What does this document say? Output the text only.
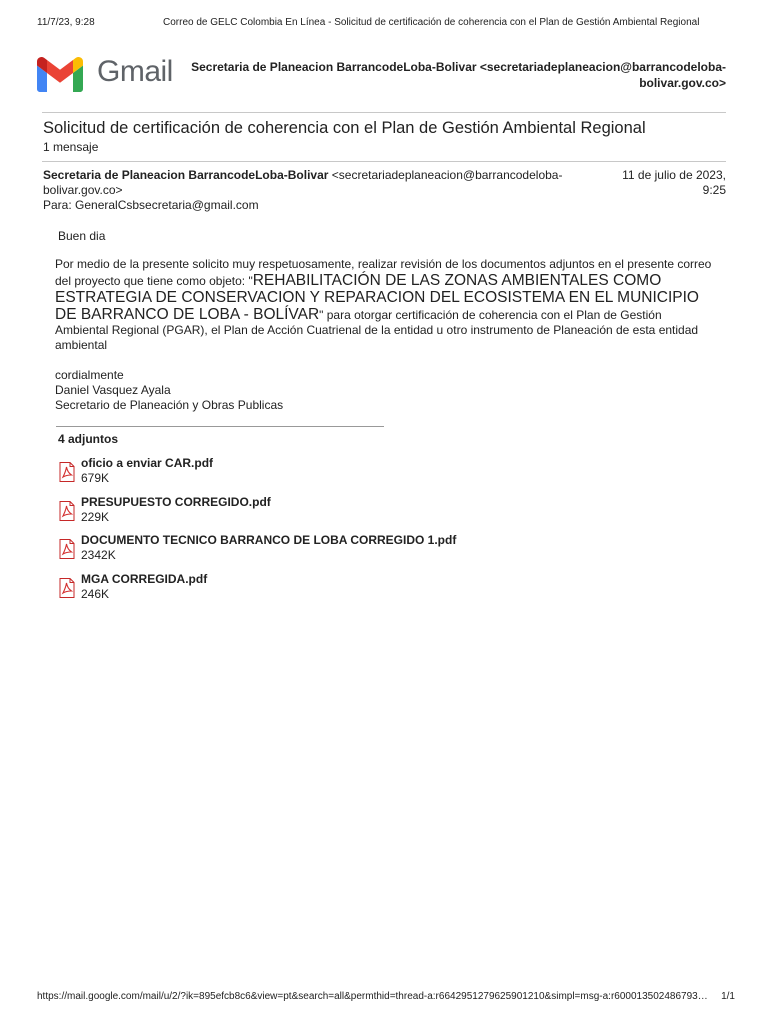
11/7/23, 9:28	Correo de GELC Colombia En Línea - Solicitud de certificación de coherencia con el Plan de Gestión Ambiental Regional
Gmail	Secretaria de Planeacion BarrancodeLoba-Bolivar <secretariadeplaneacion@barrancodeloba-
bolivar.gov.co>
Solicitud de certificación de coherencia con el Plan de Gestión Ambiental Regional
1 mensaje
Secretaria de Planeacion BarrancodeLoba-Bolivar <secretariadeplaneacion@barrancodeloba-
bolivar.gov.co>
11 de julio de 2023,
9:25
Para: GeneralCsbsecretaria@gmail.com
Buen dia
Por medio de la presente solicito muy respetuosamente, realizar revisión de los documentos adjuntos en el presente correo del proyecto que tiene como objeto: "REHABILITACIÓN DE LAS ZONAS AMBIENTALES COMO ESTRATEGIA DE CONSERVACION Y REPARACION DEL ECOSISTEMA EN EL MUNICIPIO DE BARRANCO DE LOBA - BOLÍVAR" para otorgar certificación de coherencia con el Plan de Gestión Ambiental Regional (PGAR), el Plan de Acción Cuatrienal de la entidad u otro instrumento de Planeación de esta entidad ambiental
cordialmente
Daniel Vasquez Ayala
Secretario de Planeación y Obras Publicas
4 adjuntos
oficio a enviar CAR.pdf
679K
PRESUPUESTO CORREGIDO.pdf
229K
DOCUMENTO TECNICO BARRANCO DE LOBA CORREGIDO 1.pdf
2342K
MGA CORREGIDA.pdf
246K
https://mail.google.com/mail/u/2/?ik=895efcb8c6&view=pt&search=all&permthid=thread-a:r6642951279625901210&simpl=msg-a:r600013502486793… 1/1
